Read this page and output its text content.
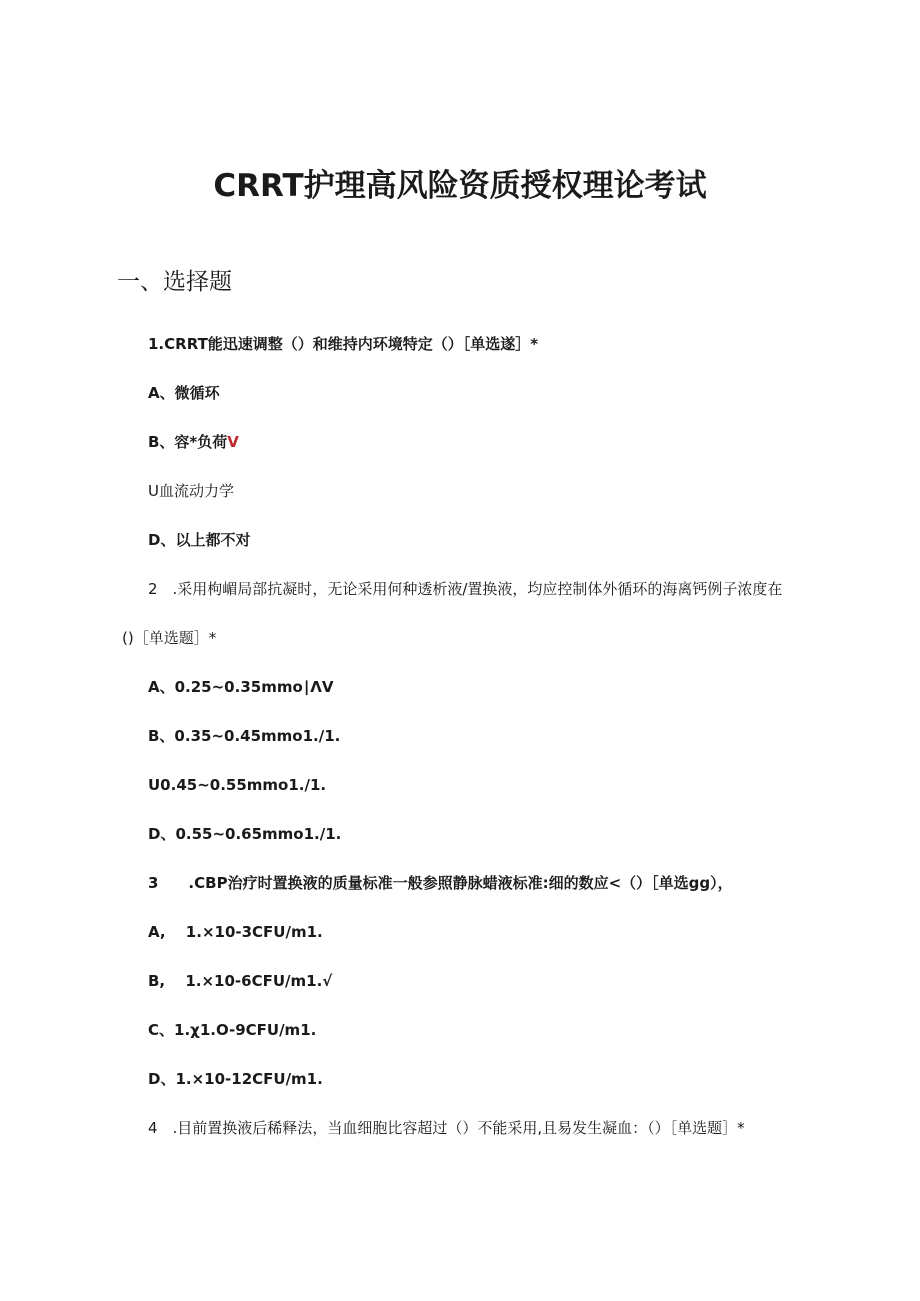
CRRT护理高风险资质授权理论考试
一、选择题
1.CRRT能迅速调整（）和维持内环境特定（）［单选遂］*
A、微循环
B、容*负荷V
U血流动力学
D、以上都不对
2　.采用枸嵋局部抗凝时，无论采用何种透析液/置换液，均应控制体外循环的海离钙例子浓度在
()［单选题］*
A、0.25~0.35mmo∣ΛV
B、0.35~0.45mmo1./1.
U0.45~0.55mmo1./1.
D、0.55~0.65mmo1./1.
3　　.CBP治疗时置换液的质量标准一般参照静脉蜡液标准:细的数应<（）［单选gg），
A,　 1.×10-3CFU/m1.
B,　 1.×10-6CFU/m1.√
C、1.χ1.O-9CFU/m1.
D、1.×10-12CFU/m1.
4　.目前置换液后稀释法，当血细胞比容超过（）不能采用,且易发生凝血：（）［单选题］*
